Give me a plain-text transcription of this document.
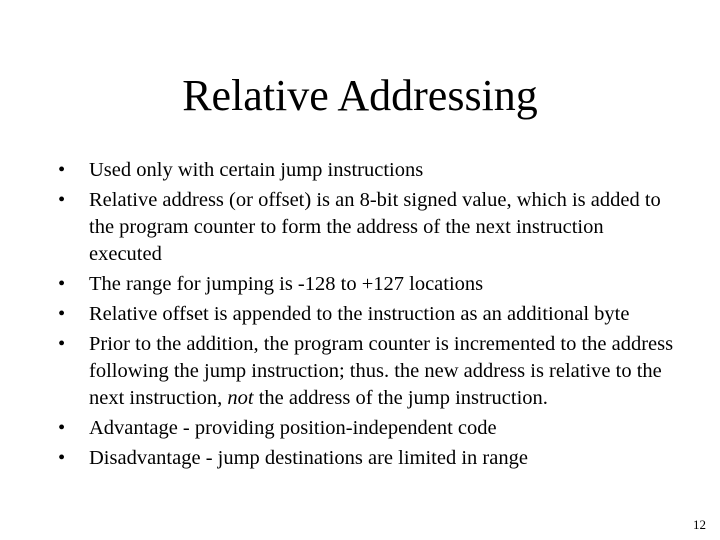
Relative Addressing
• Used only with certain jump instructions
• Relative address (or offset) is an 8-bit signed value, which is added to the program counter to form the address of the next instruction executed
• The range for jumping is -128 to +127 locations
• Relative offset is appended to the instruction as an additional byte
• Prior to the addition, the program counter is incremented to the address following the jump instruction; thus. the new address is relative to the next instruction, not the address of the jump instruction.
• Advantage - providing position-independent code
• Disadvantage - jump destinations are limited in range
12
